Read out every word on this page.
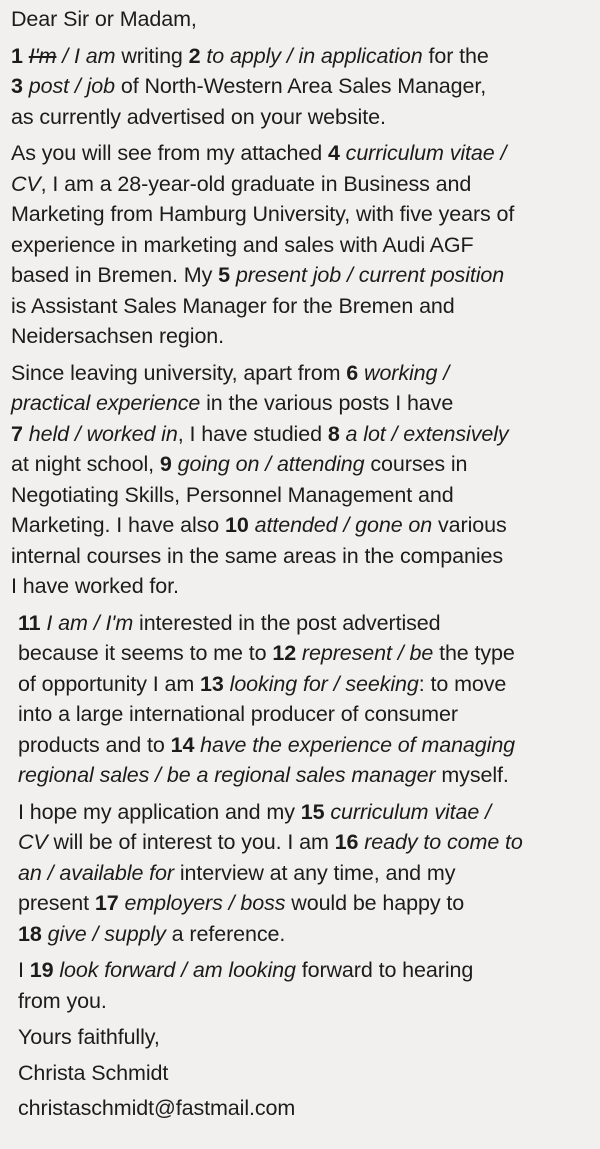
Dear Sir or Madam,
1 I'm / I am writing 2 to apply / in application for the
3 post / job of North-Western Area Sales Manager,
as currently advertised on your website.
As you will see from my attached 4 curriculum vitae /
CV, I am a 28-year-old graduate in Business and
Marketing from Hamburg University, with five years of
experience in marketing and sales with Audi AGF
based in Bremen. My 5 present job / current position
is Assistant Sales Manager for the Bremen and
Neidersachsen region.
Since leaving university, apart from 6 working /
practical experience in the various posts I have
7 held / worked in, I have studied 8 a lot / extensively
at night school, 9 going on / attending courses in
Negotiating Skills, Personnel Management and
Marketing. I have also 10 attended / gone on various
internal courses in the same areas in the companies
I have worked for.
11 I am / I'm interested in the post advertised
because it seems to me to 12 represent / be the type
of opportunity I am 13 looking for / seeking: to move
into a large international producer of consumer
products and to 14 have the experience of managing
regional sales / be a regional sales manager myself.
I hope my application and my 15 curriculum vitae /
CV will be of interest to you. I am 16 ready to come to
an / available for interview at any time, and my
present 17 employers / boss would be happy to
18 give / supply a reference.
I 19 look forward / am looking forward to hearing
from you.
Yours faithfully,
Christa Schmidt
christaschmidt@fastmail.com
